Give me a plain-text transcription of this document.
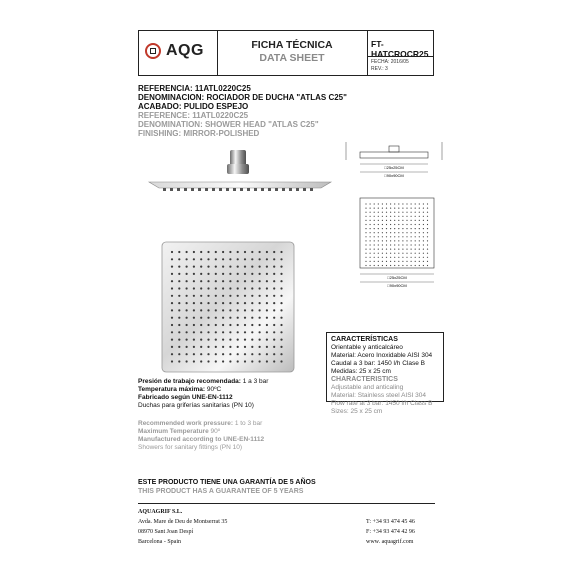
AQG	FICHA TÉCNICA
DATA SHEET
FT- HATCROCR25
FECHA: 2016/05
REV.: 3
REFERENCIA: 11ATL0220C25
DENOMINACION: ROCIADOR DE DUCHA "ATLAS C25"
ACABADO: PULIDO ESPEJO
REFERENCE: 11ATL0220C25
DENOMINATION: SHOWER HEAD "ATLAS C25"
FINISHING: MIRROR-POLISHED
□25x25CM
□90x90CM
□25x25CM
□90x90CM
CARACTERÍSTICAS
Orientable y anticalcáreo
Material: Acero Inoxidable AISI 304
Caudal a 3 bar: 1450 l/h Clase B
Medidas: 25 x 25 cm
CHARACTERISTICS
Adjustable and anticaling
Material: Stainless steel AISI 304
Flow rate at 3 bar: 1450 l/h Class B
Sizes: 25 x 25 cm
Presión de trabajo recomendada: 1 a 3 bar
Temperatura máxima: 90ºC
Fabricado según UNE-EN-1112
Duchas para griferías sanitarias (PN 10)
Recommended work pressure: 1 to 3 bar
Maximum Temperature 90º
Manufactured according to UNE-EN-1112
Showers for sanitary fittings (PN 10)
ESTE PRODUCTO TIENE UNA GARANTÍA DE 5 AÑOS
THIS PRODUCT HAS A GUARANTEE OF 5 YEARS
AQUAGRIF S.L.
Avda. Mare de Deu de Montserrat 35
08970 Sant Joan Despí
Barcelona - Spain
T: +34 93 474 45 46
F: +34 93 474 42 96
www. aquagrif.com
